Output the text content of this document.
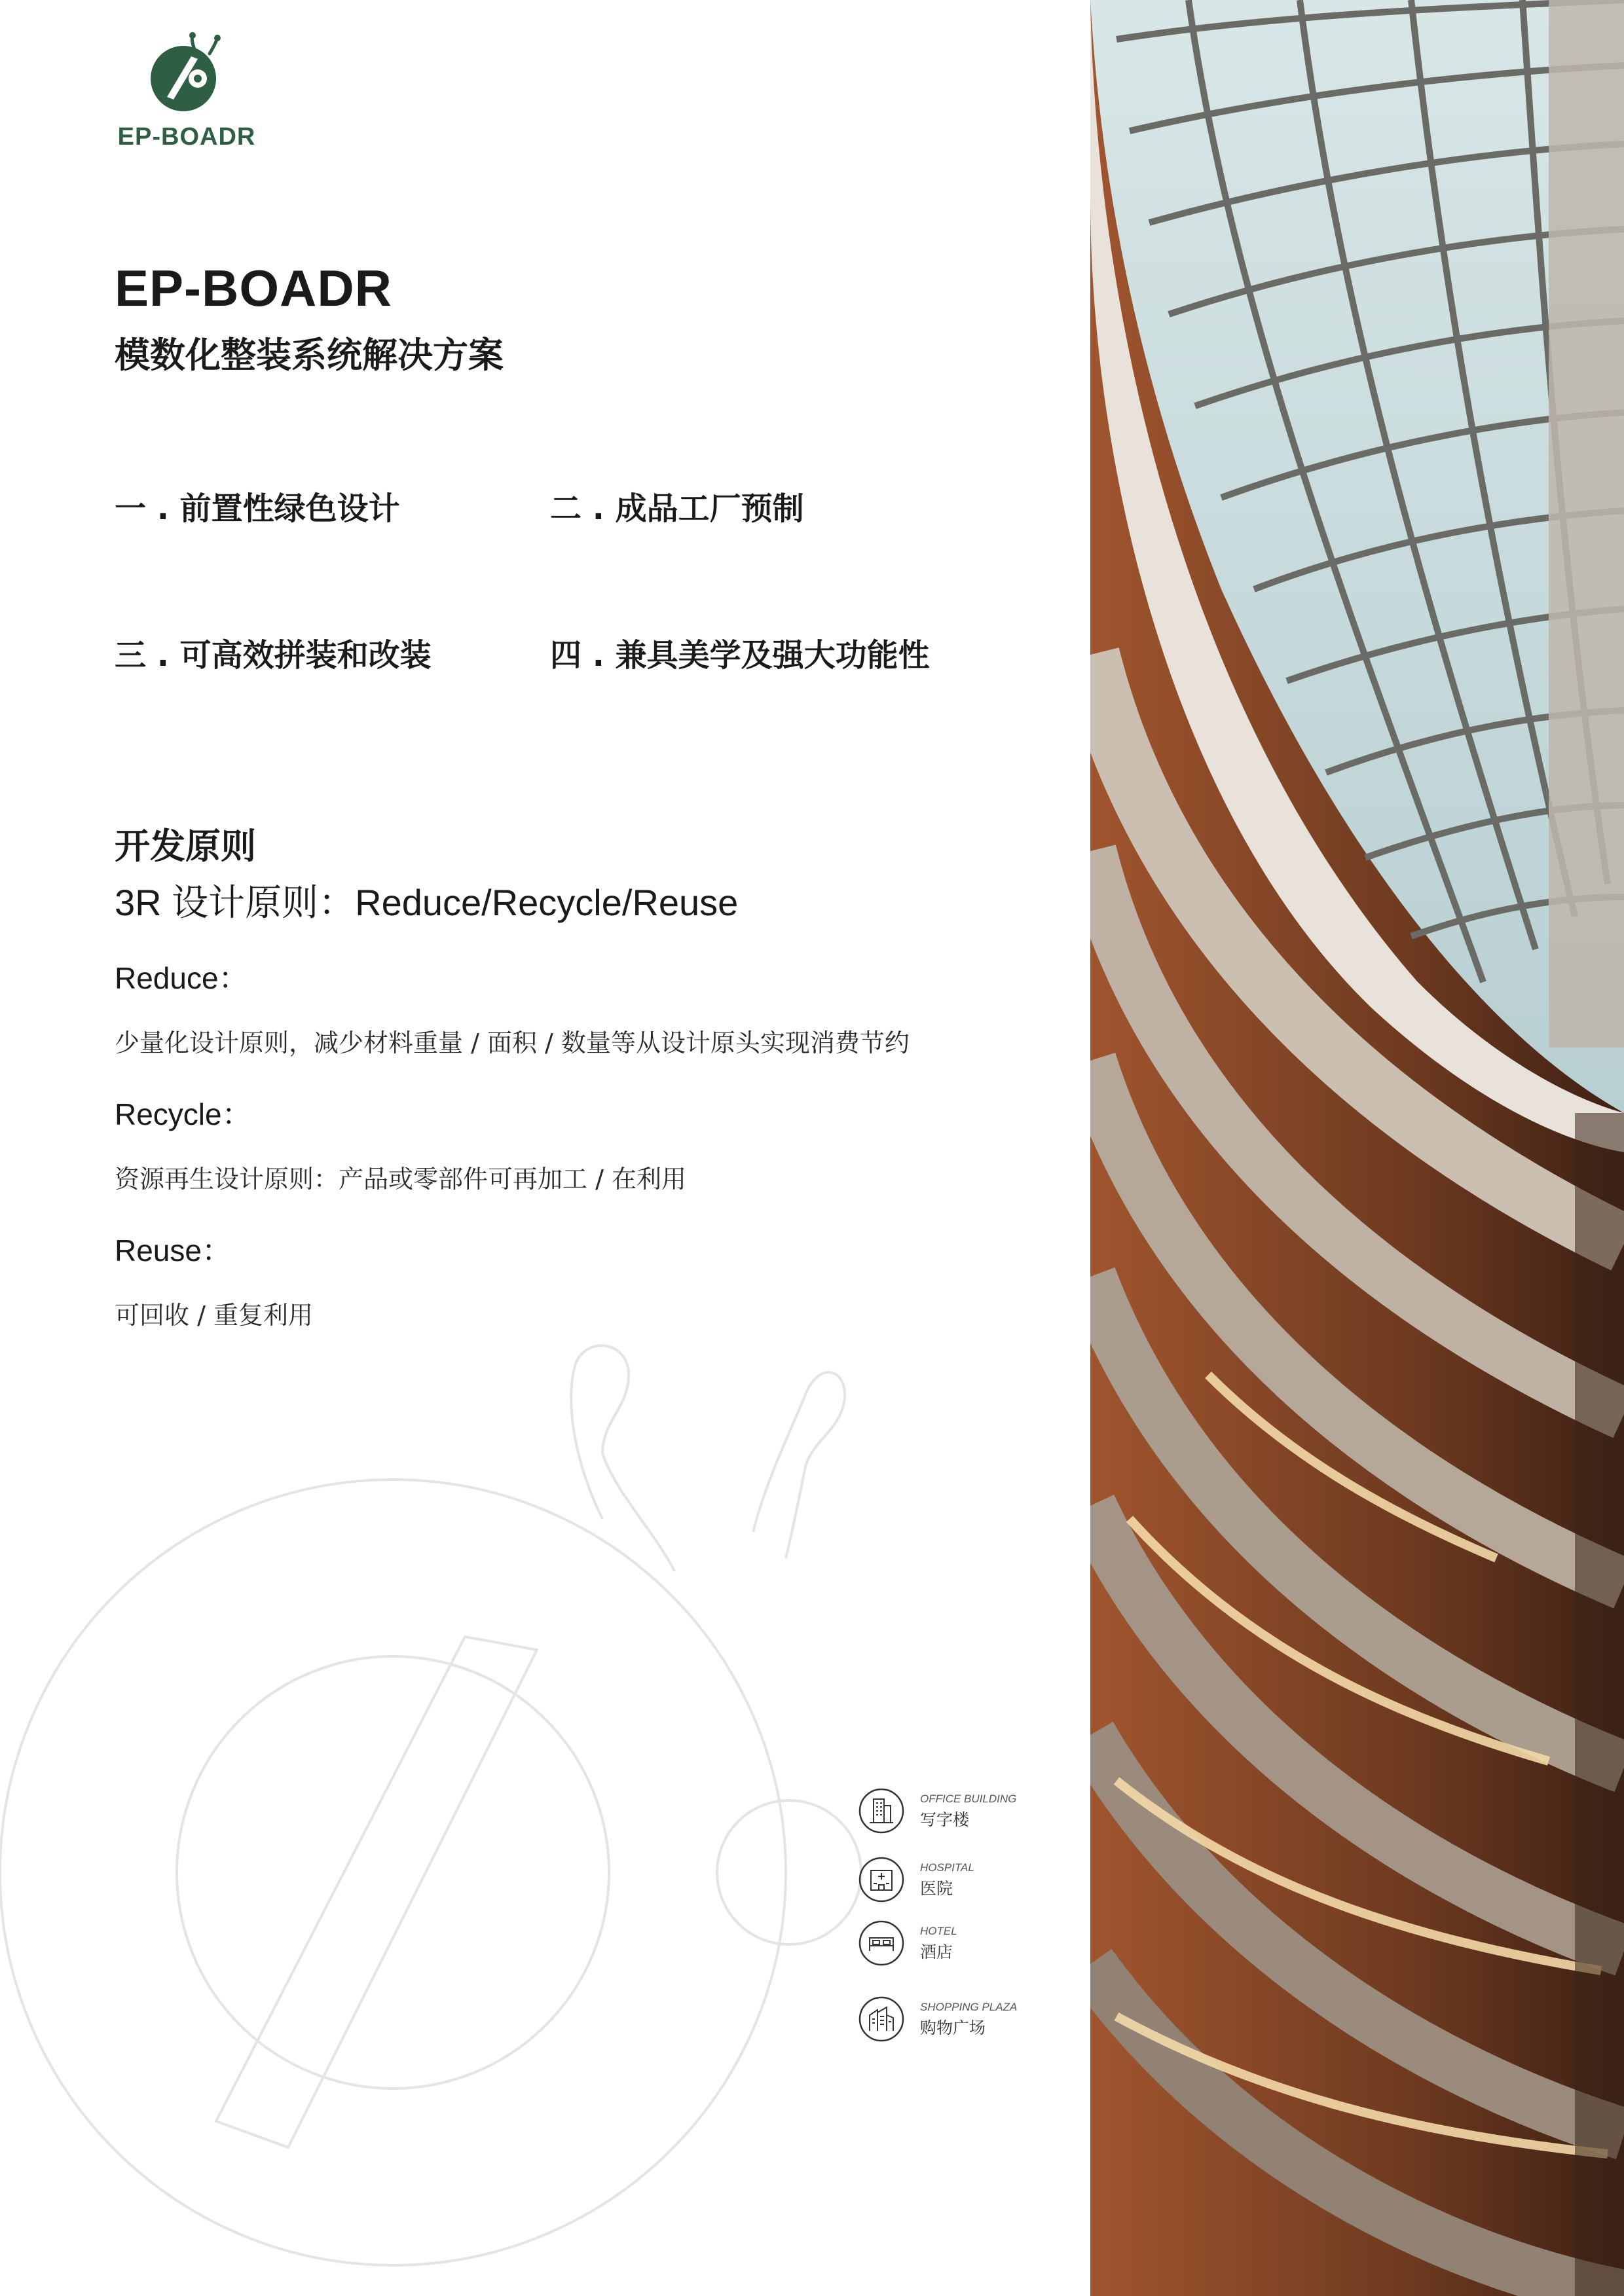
EP-BOADR
EP-BOADR
模数化整装系统解决方案
一 . 前置性绿色设计	二 . 成品工厂预制
三 . 可高效拼装和改装	四 . 兼具美学及强大功能性
开发原则
3R 设计原则：Reduce/Recycle/Reuse
Reduce：
少量化设计原则，减少材料重量 / 面积 / 数量等从设计原头实现消费节约
Recycle：
资源再生设计原则：产品或零部件可再加工 / 在利用
Reuse：
可回收 / 重复利用
OFFICE BUILDING
写字楼
HOSPITAL
医院
HOTEL
酒店
SHOPPING PLAZA
购物广场
